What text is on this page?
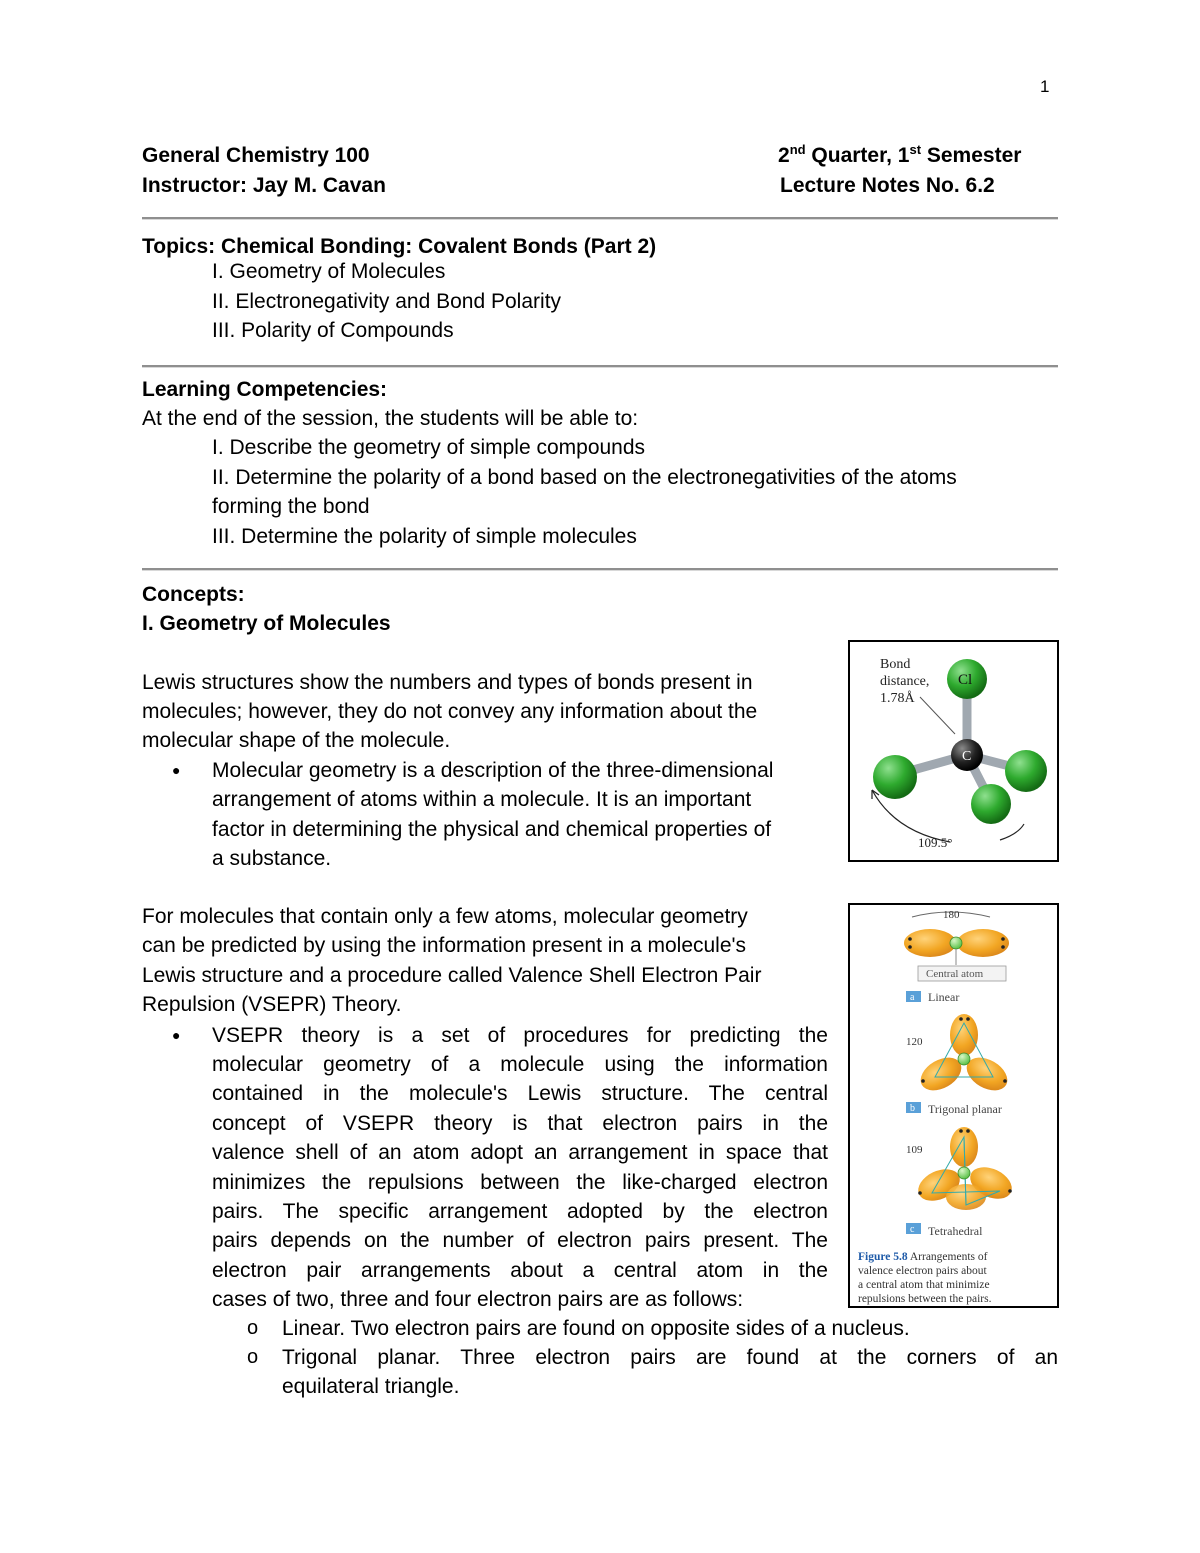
1
General Chemistry 100
Instructor: Jay M. Cavan
2nd Quarter, 1st Semester
Lecture Notes No. 6.2
Topics: Chemical Bonding: Covalent Bonds (Part 2)
I. Geometry of Molecules
II. Electronegativity and Bond Polarity
III. Polarity of Compounds
Learning Competencies:
At the end of the session, the students will be able to:
I. Describe the geometry of simple compounds
II. Determine the polarity of a bond based on the electronegativities of the atoms
forming the bond
III. Determine the polarity of simple molecules
Concepts:
I. Geometry of Molecules
Lewis structures show the numbers and types of bonds present in
molecules; however, they do not convey any information about the
molecular shape of the molecule.
● Molecular geometry is a description of the three-dimensional
arrangement of atoms within a molecule. It is an important
factor in determining the physical and chemical properties of
a substance.
For molecules that contain only a few atoms, molecular geometry
can be predicted by using the information present in a molecule's
Lewis structure and a procedure called Valence Shell Electron Pair
Repulsion (VSEPR) Theory.
● VSEPR theory is a set of procedures for predicting the
molecular geometry of a molecule using the information
contained in the molecule's Lewis structure. The central
concept of VSEPR theory is that electron pairs in the
valence shell of an atom adopt an arrangement in space that
minimizes the repulsions between the like-charged electron
pairs. The specific arrangement adopted by the electron
pairs depends on the number of electron pairs present. The
electron pair arrangements about a central atom in the
cases of two, three and four electron pairs are as follows:
o Linear. Two electron pairs are found on opposite sides of a nucleus.
o Trigonal planar. Three electron pairs are found at the corners of an
equilateral triangle.
Cl
C
Bond
distance,
1.78Å
109.5°
180
Central atom
a Linear
120
b Trigonal planar
109
c Tetrahedral
Figure 5.8 Arrangements of
valence electron pairs about
a central atom that minimize
repulsions between the pairs.
